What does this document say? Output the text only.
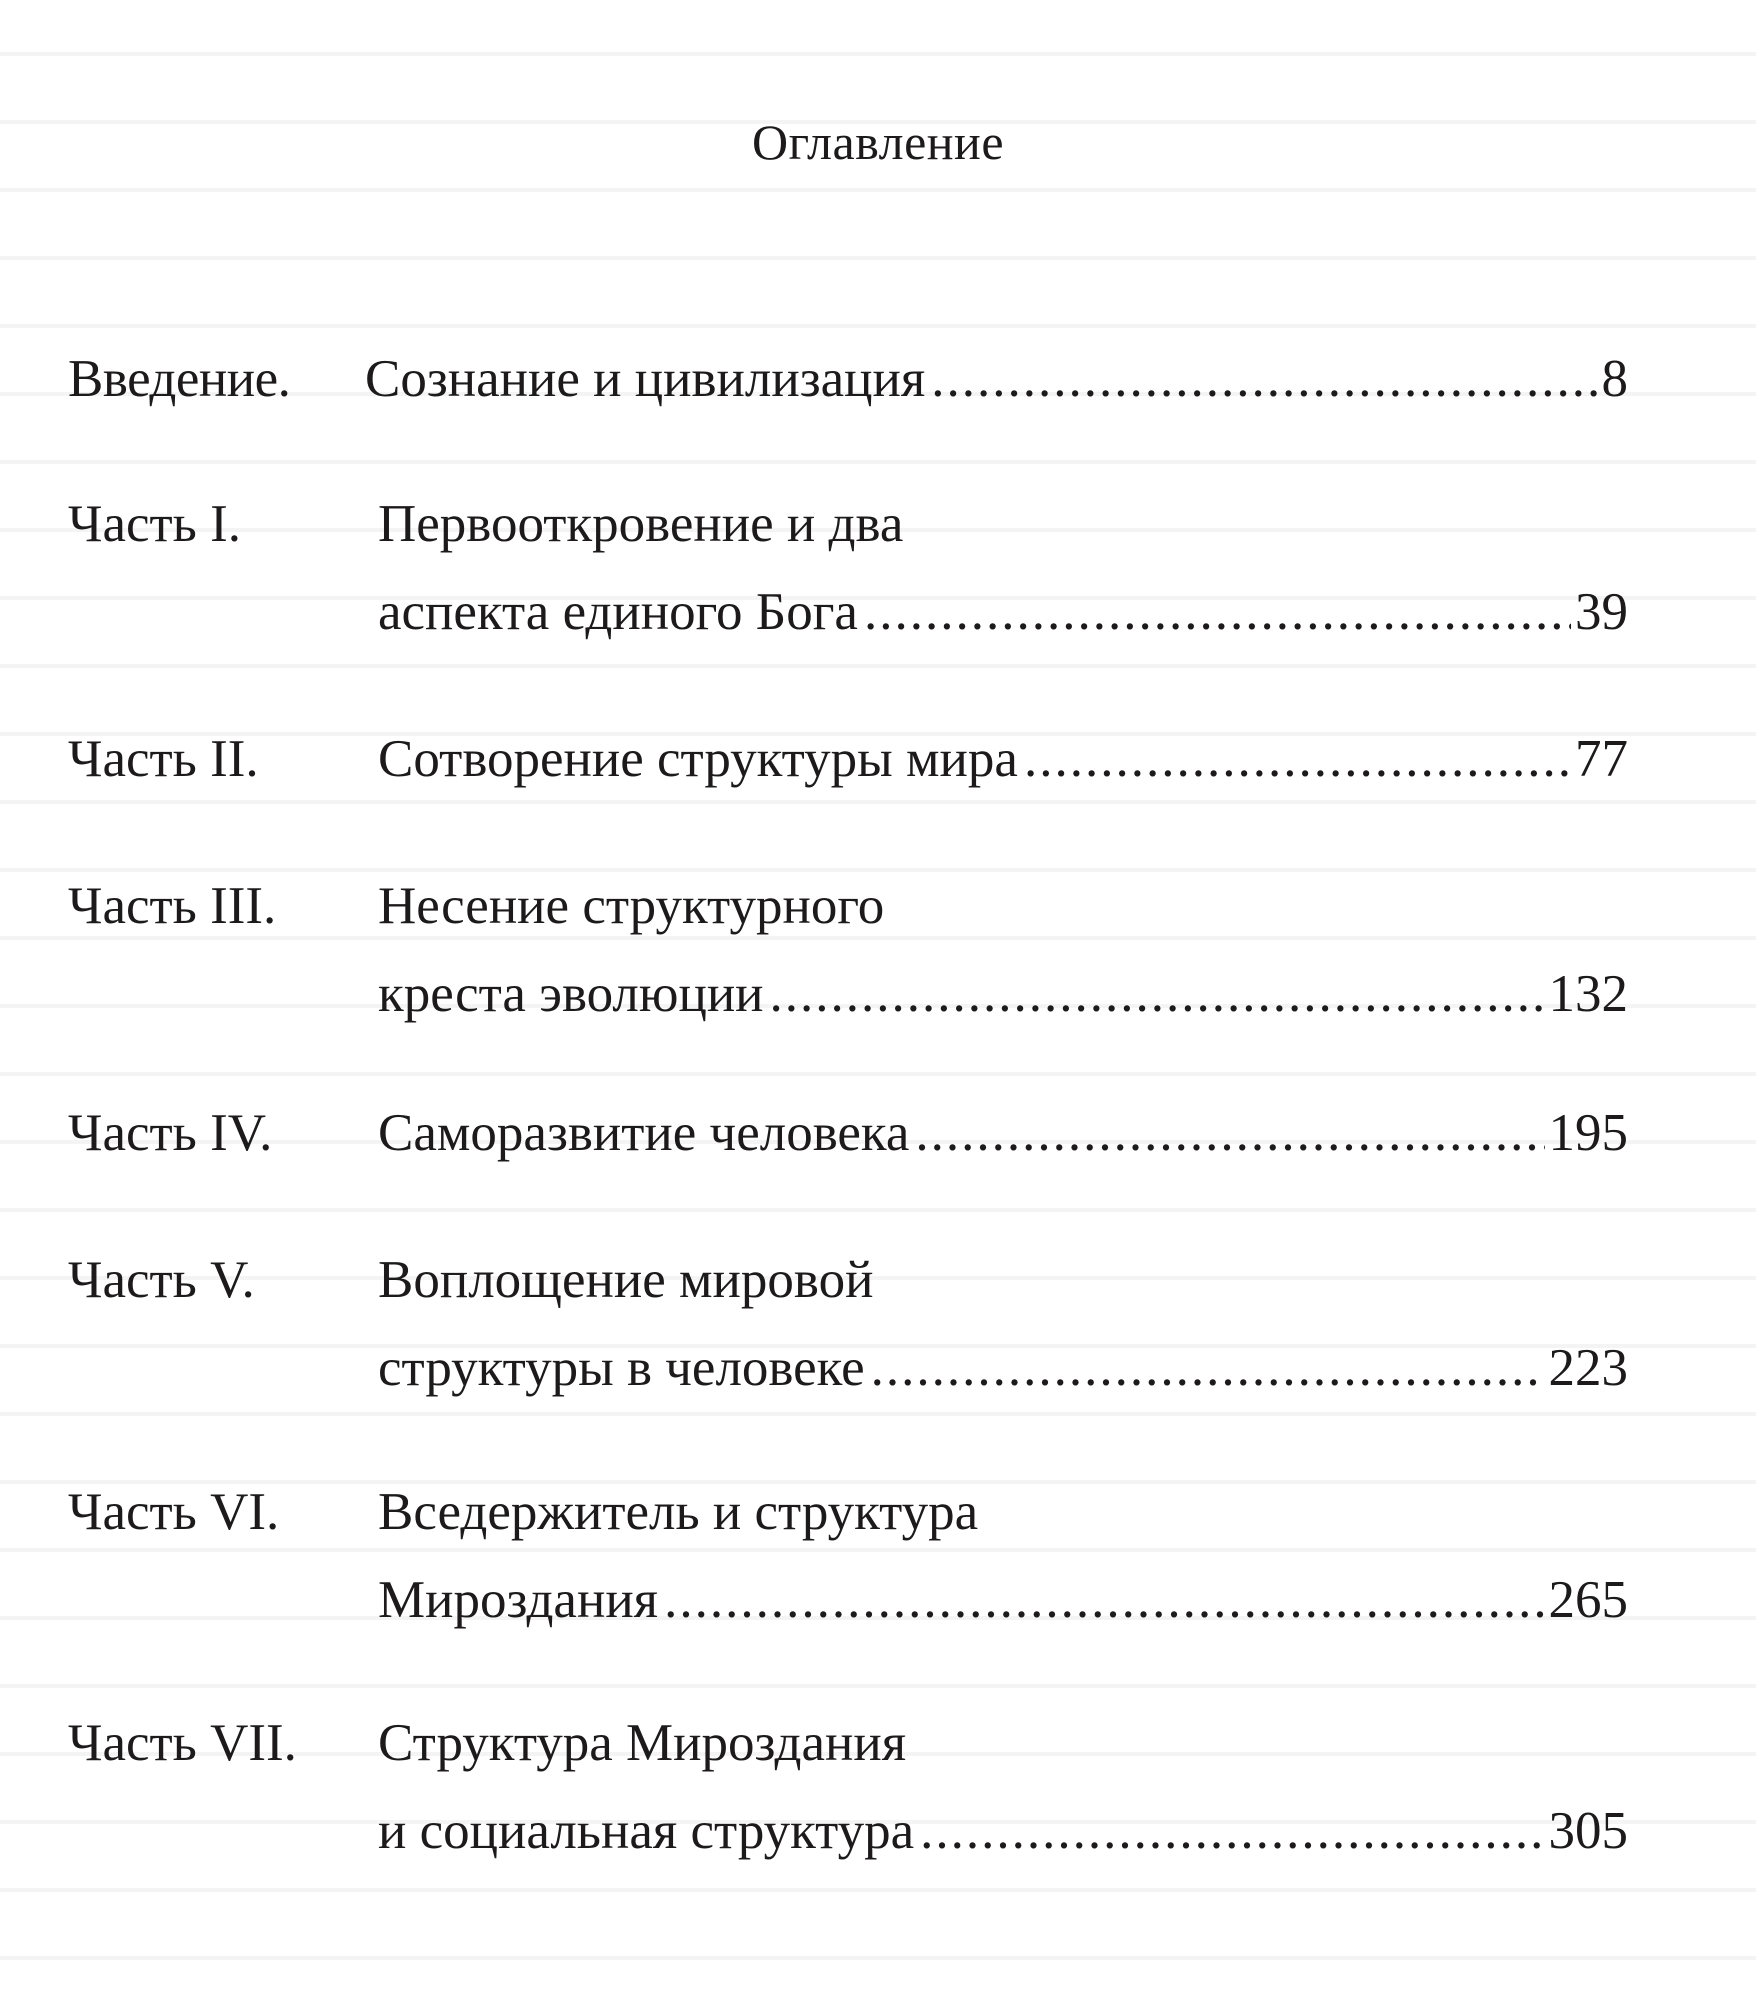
Оглавление
Введение. Сознание и цивилизация .....	8
Часть I.	Первооткровение и два
аспекта единого Бога .....	39
Часть II. Сотворение структуры мира .....	77
Часть III. Несение структурного
креста эволюции .....	132
Часть IV. Саморазвитие человека .....	195
Часть V. Воплощение мировой
структуры в человеке .....	223
Часть VI. Вседержитель и структура
Мироздания .....	265
Часть VII. Структура Мироздания
и социальная структура .....	305
